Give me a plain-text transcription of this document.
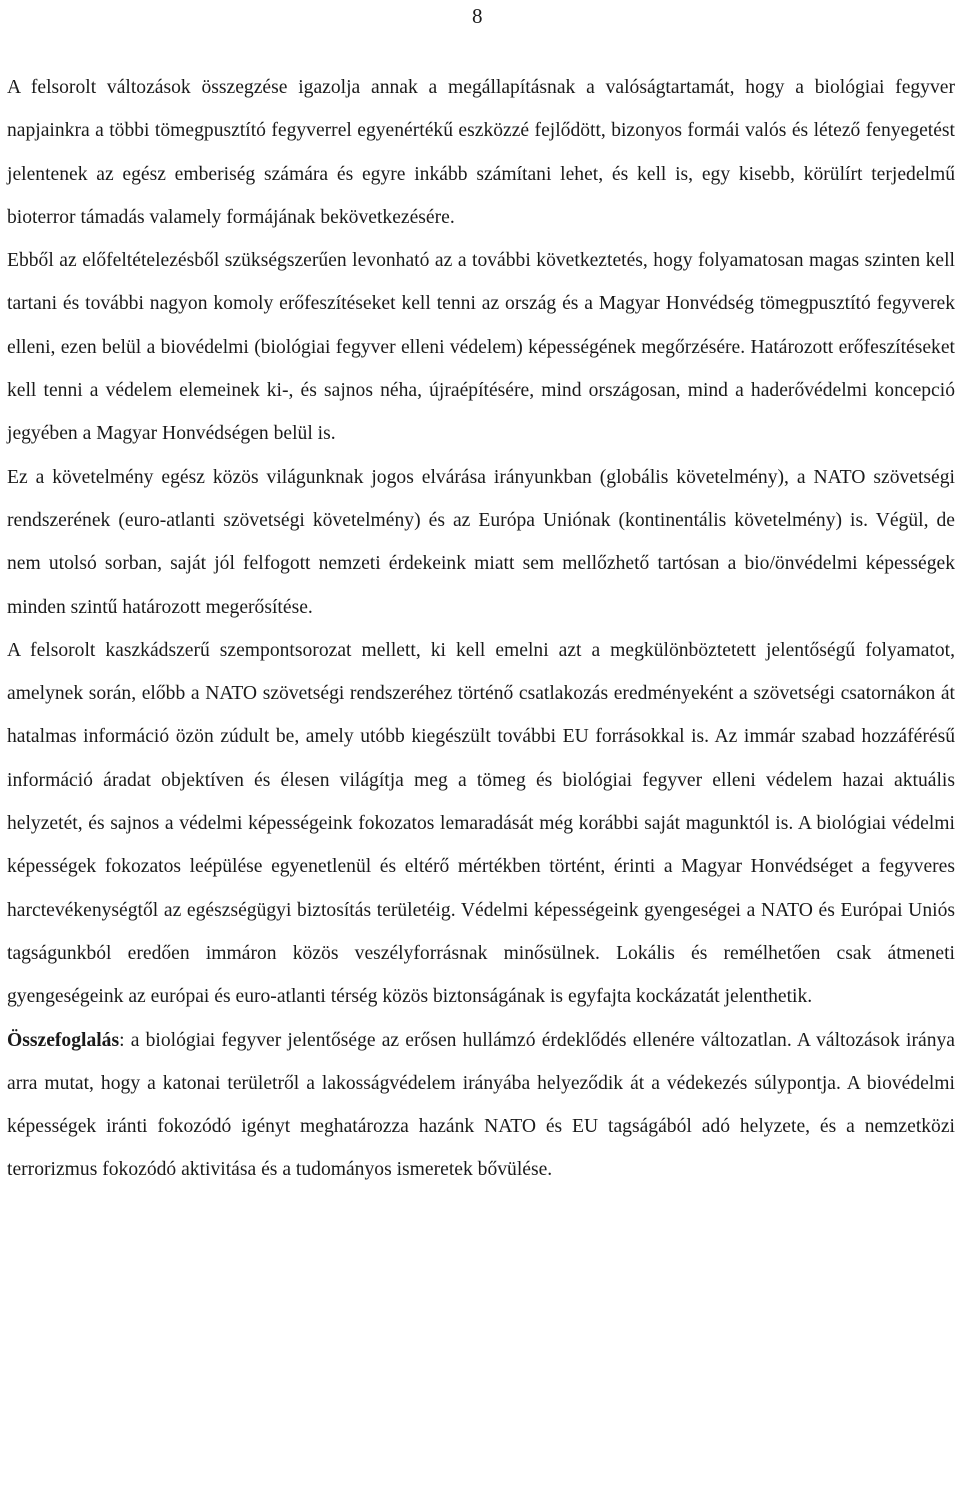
8

A felsorolt változások összegzése igazolja annak a megállapításnak a valóságtartamát, hogy a biológiai fegyver napjainkra a többi tömegpusztító fegyverrel egyenértékű eszközzé fejlődött, bizonyos formái valós és létező fenyegetést jelentenek az egész emberiség számára és egyre inkább számítani lehet, és kell is, egy kisebb, körülírt terjedelmű bioterror támadás valamely formájának bekövetkezésére.

Ebből az előfeltételezésből szükségszerűen levonható az a további következtetés, hogy folyamatosan magas szinten kell tartani és további nagyon komoly erőfeszítéseket kell tenni az ország és a Magyar Honvédség tömegpusztító fegyverek elleni, ezen belül a biovédelmi (biológiai fegyver elleni védelem) képességének megőrzésére. Határozott erőfeszítéseket kell tenni a védelem elemeinek ki-, és sajnos néha, újraépítésére, mind országosan, mind a haderővédelmi koncepció jegyében a Magyar Honvédségen belül is.

Ez a követelmény egész közös világunknak jogos elvárása irányunkban (globális követelmény), a NATO szövetségi rendszerének (euro-atlanti szövetségi követelmény) és az Európa Uniónak (kontinentális követelmény) is. Végül, de nem utolsó sorban, saját jól felfogott nemzeti érdekeink miatt sem mellőzhető tartósan a bio/önvédelmi képességek minden szintű határozott megerősítése.

A felsorolt kaszkádszerű szempontsorozat mellett, ki kell emelni azt a megkülönböztetett jelentőségű folyamatot, amelynek során, előbb a NATO szövetségi rendszeréhez történő csatlakozás eredményeként a szövetségi csatornákon át hatalmas információ özön zúdult be, amely utóbb kiegészült további EU forrásokkal is. Az immár szabad hozzáférésű információ áradat objektíven és élesen világítja meg a tömeg és biológiai fegyver elleni védelem hazai aktuális helyzetét, és sajnos a védelmi képességeink fokozatos lemaradását még korábbi saját magunktól is. A biológiai védelmi képességek fokozatos leépülése egyenetlenül és eltérő mértékben történt, érinti a Magyar Honvédséget a fegyveres harctevékenységtől az egészségügyi biztosítás területéig. Védelmi képességeink gyengeségei a NATO és Európai Uniós tagságunkból eredően immáron közös veszélyforrásnak minősülnek. Lokális és remélhetően csak átmeneti gyengeségeink az európai és euro-atlanti térség közös biztonságának is egyfajta kockázatát jelenthetik.

Összefoglalás: a biológiai fegyver jelentősége az erősen hullámzó érdeklődés ellenére változatlan. A változások iránya arra mutat, hogy a katonai területről a lakosságvédelem irányába helyeződik át a védekezés súlypontja. A biovédelmi képességek iránti fokozódó igényt meghatározza hazánk NATO és EU tagságából adó helyzete, és a nemzetközi terrorizmus fokozódó aktivitása és a tudományos ismeretek bővülése.
